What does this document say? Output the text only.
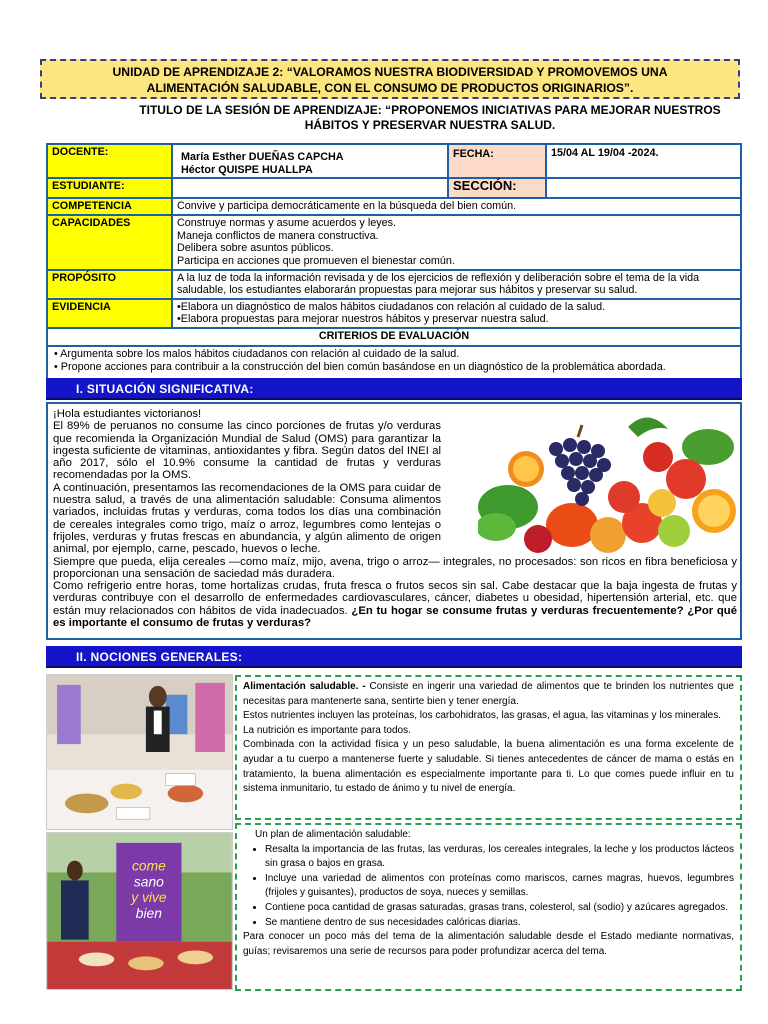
UNIDAD DE APRENDIZAJE 2: “VALORAMOS NUESTRA BIODIVERSIDAD Y PROMOVEMOS UNA
ALIMENTACIÓN SALUDABLE, CON EL CONSUMO DE PRODUCTOS ORIGINARIOS”.
TITULO DE LA SESIÓN DE APRENDIZAJE: “PROPONEMOS INICIATIVAS PARA MEJORAR NUESTROS
HÁBITOS Y PRESERVAR NUESTRA SALUD.
DOCENTE:	María Esther DUEÑAS CAPCHA
Héctor QUISPE HUALLPA	FECHA:	15/04 AL 19/04 -2024.
ESTUDIANTE:		SECCIÓN:	
COMPETENCIA	Convive y participa democráticamente en la búsqueda del bien común.		
CAPACIDADES	Construye normas y asume acuerdos y leyes.
Maneja conflictos de manera constructiva.
Delibera sobre asuntos públicos.
Participa en acciones que promueven el bienestar común.		

PROPÓSITO	A la luz de toda la información revisada y de los ejercicios de reflexión y deliberación sobre el tema de la vida saludable, los estudiantes elaborarán propuestas para mejorar sus hábitos y preservar su salud.		
EVIDENCIA	•Elabora un diagnóstico de malos hábitos ciudadanos con relación al cuidado de la salud.
•Elabora propuestas para mejorar nuestros hábitos y preservar nuestra salud.		

CRITERIOS DE EVALUACIÓN			

• Argumenta sobre los malos hábitos ciudadanos con relación al cuidado de la salud.
• Propone acciones para contribuir a la construcción del bien común basándose en un diagnóstico de la problemática abordada.			
I. SITUACIÓN SIGNIFICATIVA:

¡Hola estudiantes victorianos!

El 89% de peruanos no consume las cinco porciones de frutas y/o verduras que recomienda la Organización Mundial de Salud (OMS) para garantizar la ingesta suficiente de vitaminas, antioxidantes y fibra. Según datos del INEI al año 2017, sólo el 10.9% consume la cantidad de frutas y verduras recomendadas por la OMS.

A continuación, presentamos las recomendaciones de la OMS para cuidar de nuestra salud, a través de una alimentación saludable: Consuma alimentos variados, incluidas frutas y verduras, coma todos los días una combinación de cereales integrales como trigo, maíz o arroz, legumbres como lentejas o frijoles, verduras y frutas frescas en abundancia, y algún alimento de origen animal, por ejemplo, carne, pescado, huevos o leche.

Siempre que pueda, elija cereales —como maíz, mijo, avena, trigo o arroz— integrales, no procesados: son ricos en fibra beneficiosa y proporcionan una sensación de saciedad más duradera.

Como refrigerio entre horas, tome hortalizas crudas, fruta fresca o frutos secos sin sal. Cabe destacar que la baja ingesta de frutas y verduras contribuye con el desarrollo de enfermedades cardiovasculares, cáncer, diabetes u obesidad, hipertensión arterial, etc. que están muy relacionados con hábitos de vida inadecuados. ¿En tu hogar se consume frutas y verduras frecuentemente? ¿Por qué es importante el consumo de frutas y verduras?

II. NOCIONES GENERALES:
come
sano
y vive
bien

Alimentación saludable. - Consiste en ingerir una variedad de alimentos que te brinden los nutrientes que necesitas para mantenerte sana, sentirte bien y tener energía.

Estos nutrientes incluyen las proteínas, los carbohidratos, las grasas, el agua, las vitaminas y los minerales.

La nutrición es importante para todos.

Combinada con la actividad física y un peso saludable, la buena alimentación es una forma excelente de ayudar a tu cuerpo a mantenerse fuerte y saludable. Si tienes antecedentes de cáncer de mama o estás en tratamiento, la buena alimentación es especialmente importante para ti. Lo que comes puede influir en tu sistema inmunitario, tu estado de ánimo y tu nivel de energía.

Un plan de alimentación saludable:

• Resalta la importancia de las frutas, las verduras, los cereales integrales, la leche y los productos lácteos sin grasa o bajos en grasa.
• Incluye una variedad de alimentos con proteínas como mariscos, carnes magras, huevos, legumbres (frijoles y guisantes), productos de soya, nueces y semillas.
• Contiene poca cantidad de grasas saturadas, grasas trans, colesterol, sal (sodio) y azúcares agregados.
• Se mantiene dentro de sus necesidades calóricas diarias.

Para conocer un poco más del tema de la alimentación saludable desde el Estado mediante normativas, guías; revisaremos una serie de recursos para poder profundizar acerca del tema.
